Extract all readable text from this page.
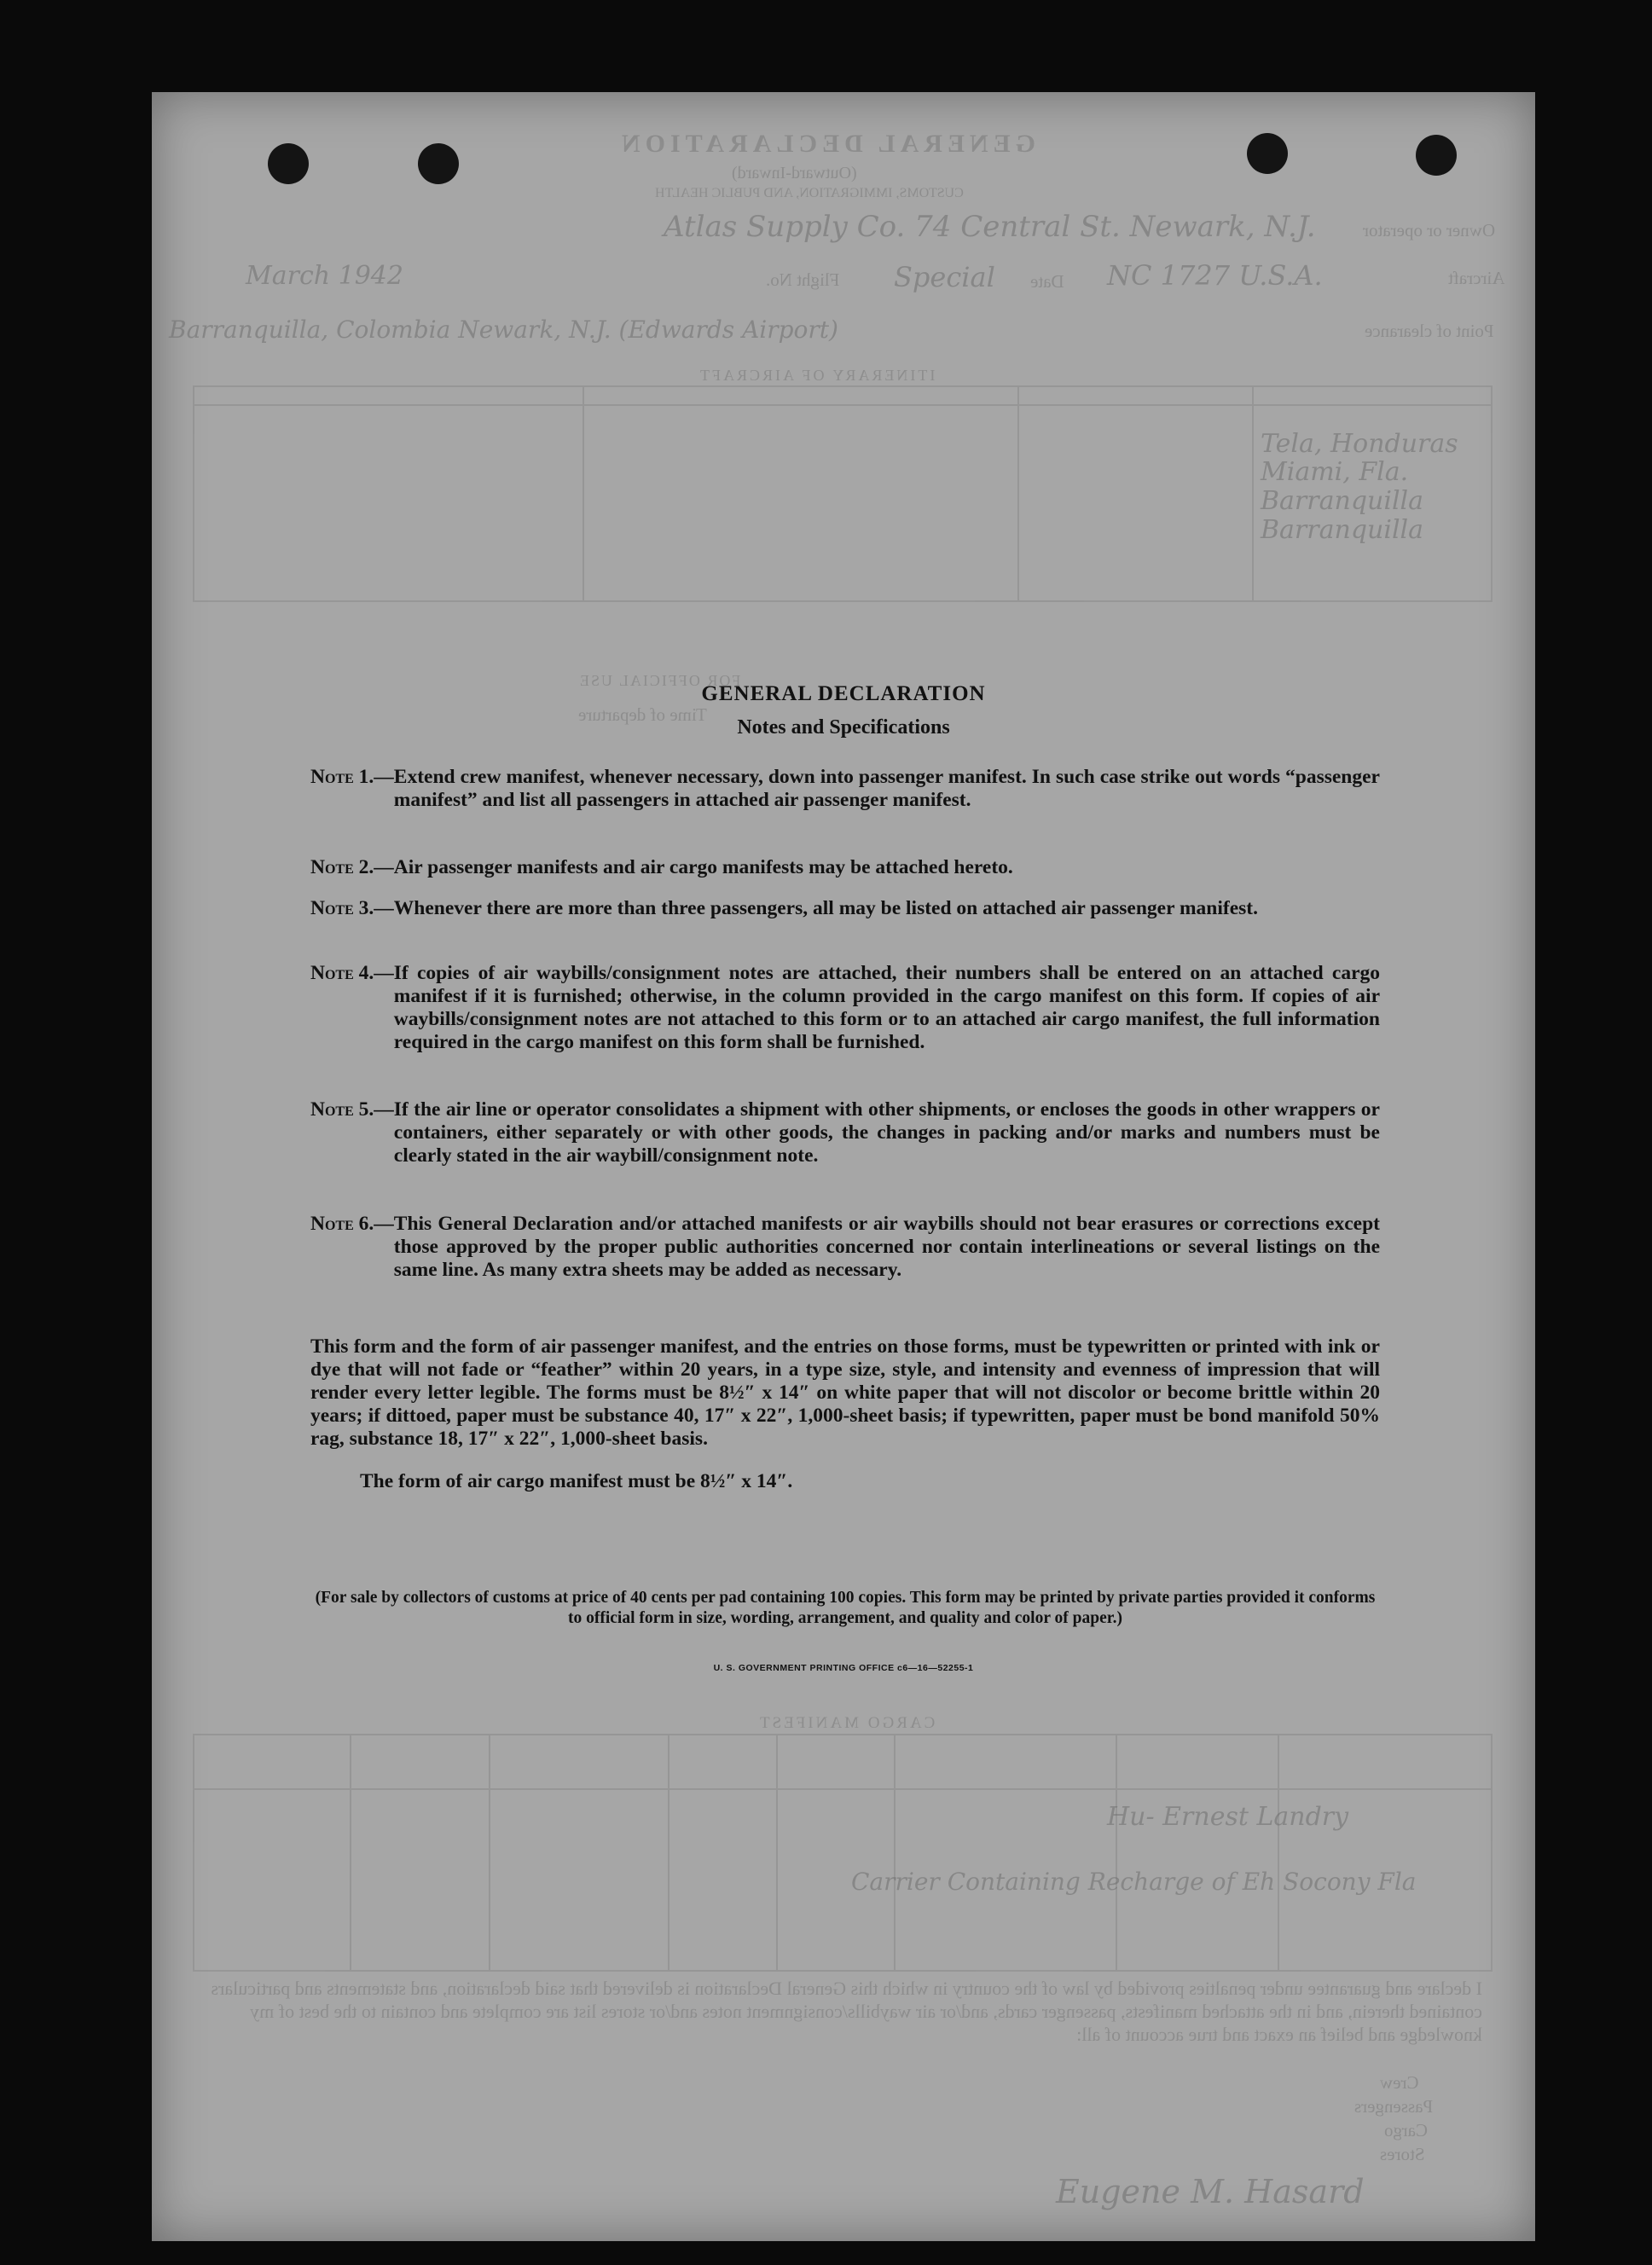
GENERAL DECLARATION
(Outward-Inward)
CUSTOMS, IMMIGRATION, AND PUBLIC HEALTH
Owner or operator
Aircraft
Flight No.	Date
Point of clearance
ITINERARY OF AIRCRAFT
FOR OFFICIAL USE
Time of departure
CARGO MANIFEST
I declare and guarantee under penalties provided by law of the country in which this General Declaration is delivered that said declaration, and statements and particulars contained therein, and in the attached manifests, passenger cards, and/or air waybills/consignment notes and/or stores list are complete and contain to the best of my knowledge and belief an exact and true account of all:
Crew
Passengers
Cargo
Stores
Atlas Supply Co. 74 Central St. Newark, N.J.
NC 1727 U.S.A.
Special
March 1942
Barranquilla, Colombia Newark, N.J. (Edwards Airport)
Tela, Honduras
Miami, Fla.
Barranquilla
Barranquilla
Hu- Ernest Landry
Carrier Containing Recharge of Eh Socony Fla
Eugene M. Hasard
GENERAL DECLARATION
Notes and Specifications
Note 1. — Extend crew manifest, whenever necessary, down into passenger manifest. In such case strike out words “passenger manifest” and list all passengers in attached air passenger manifest.
Note 2. — Air passenger manifests and air cargo manifests may be attached hereto.
Note 3. — Whenever there are more than three passengers, all may be listed on attached air passenger manifest.
Note 4. — If copies of air waybills/consignment notes are attached, their numbers shall be entered on an attached cargo manifest if it is furnished; otherwise, in the column provided in the cargo manifest on this form. If copies of air waybills/consignment notes are not attached to this form or to an attached air cargo manifest, the full information required in the cargo manifest on this form shall be furnished.
Note 5. — If the air line or operator consolidates a shipment with other shipments, or encloses the goods in other wrappers or containers, either separately or with other goods, the changes in packing and/or marks and numbers must be clearly stated in the air waybill/consignment note.
Note 6. — This General Declaration and/or attached manifests or air waybills should not bear erasures or corrections except those approved by the proper public authorities concerned nor contain interlineations or several listings on the same line. As many extra sheets may be added as necessary.
This form and the form of air passenger manifest, and the entries on those forms, must be typewritten or printed with ink or dye that will not fade or “feather” within 20 years, in a type size, style, and intensity and evenness of impression that will render every letter legible. The forms must be 8½″ x 14″ on white paper that will not discolor or become brittle within 20 years; if dittoed, paper must be substance 40, 17″ x 22″, 1,000-sheet basis; if typewritten, paper must be bond manifold 50% rag, substance 18, 17″ x 22″, 1,000-sheet basis.
The form of air cargo manifest must be 8½″ x 14″.
(For sale by collectors of customs at price of 40 cents per pad containing 100 copies. This form may be printed by private parties provided it conforms to official form in size, wording, arrangement, and quality and color of paper.)
U. S. GOVERNMENT PRINTING OFFICE c6—16—52255-1
